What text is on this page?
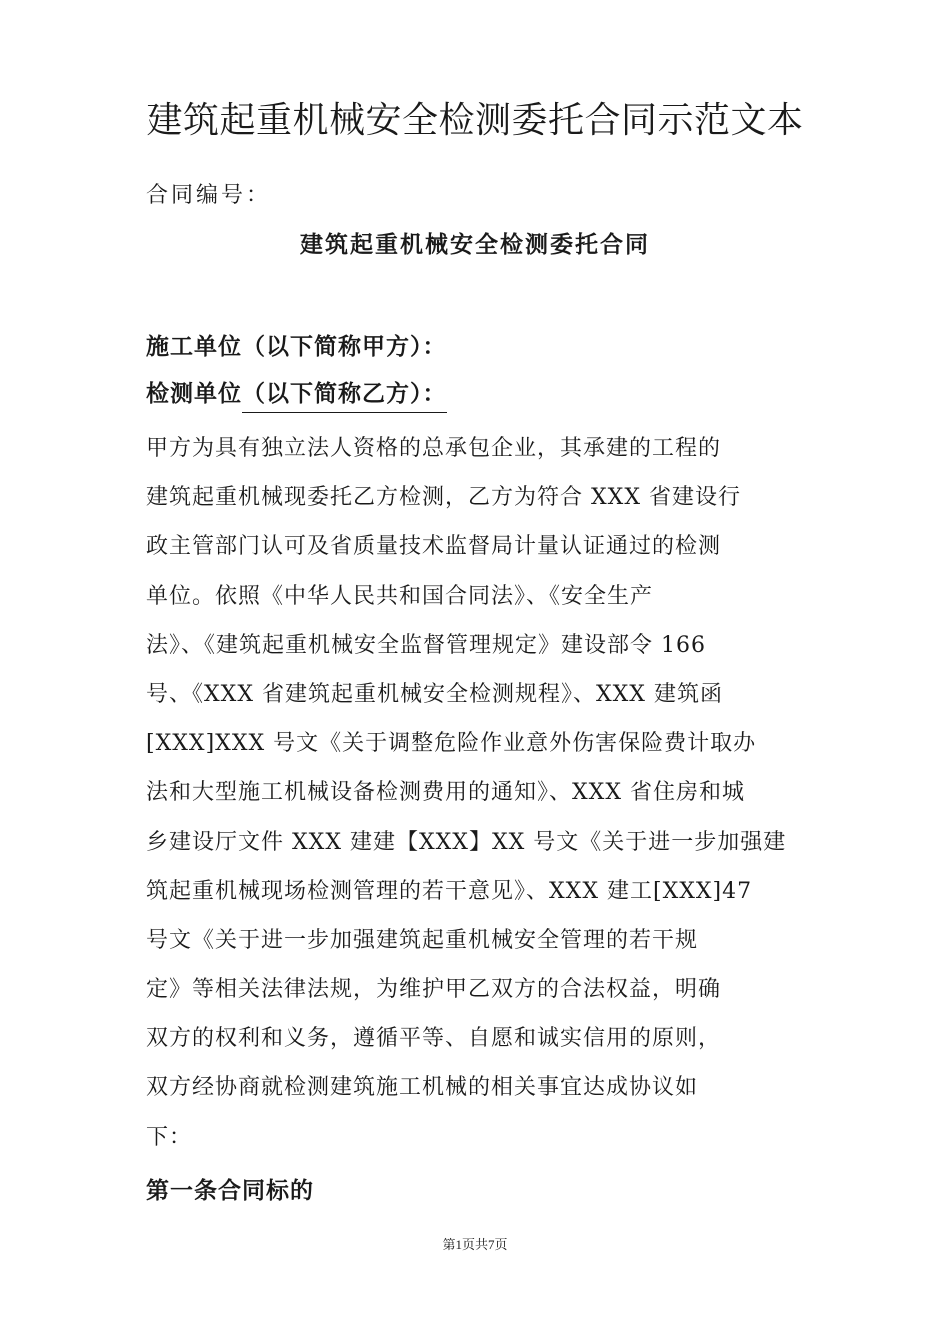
建筑起重机械安全检测委托合同示范文本
合同编号：
建筑起重机械安全检测委托合同
施工单位（以下简称甲方）：
检测单位（以下简称乙方）：
甲方为具有独立法人资格的总承包企业，其承建的工程的
建筑起重机械现委托乙方检测，乙方为符合 XXX 省建设行
政主管部门认可及省质量技术监督局计量认证通过的检测
单位。依照《中华人民共和国合同法》、《安全生产
法》、《建筑起重机械安全监督管理规定》建设部令 166
号、《XXX 省建筑起重机械安全检测规程》、XXX 建筑函
[XXX]XXX 号文《关于调整危险作业意外伤害保险费计取办
法和大型施工机械设备检测费用的通知》、XXX 省住房和城
乡建设厅文件 XXX 建建【XXX】XX 号文《关于进一步加强建
筑起重机械现场检测管理的若干意见》、XXX 建工[XXX]47
号文《关于进一步加强建筑起重机械安全管理的若干规
定》等相关法律法规，为维护甲乙双方的合法权益，明确
双方的权利和义务，遵循平等、自愿和诚实信用的原则，
双方经协商就检测建筑施工机械的相关事宜达成协议如
下：
第一条合同标的
第1页共7页
